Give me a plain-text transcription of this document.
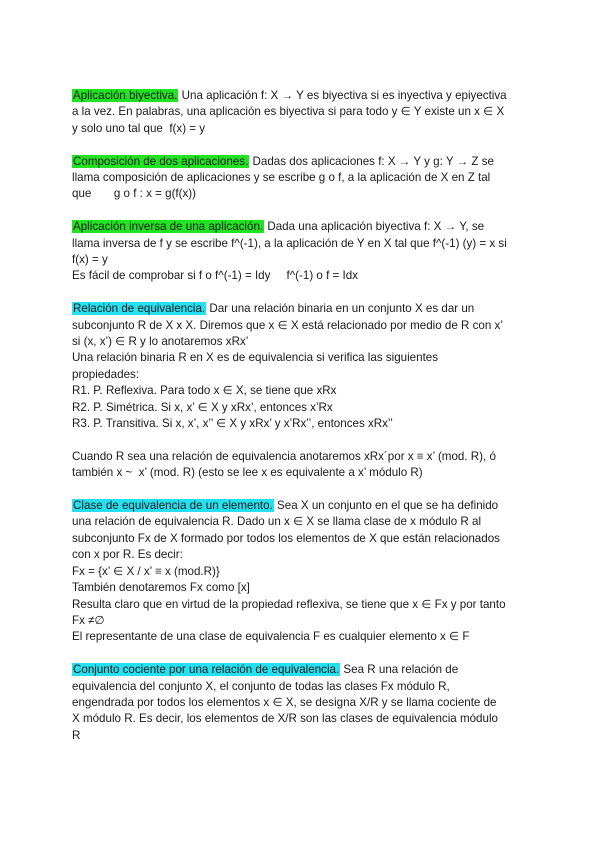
Aplicación biyectiva. Una aplicación f: X → Y es biyectiva si es inyectiva y epiyectiva
a la vez. En palabras, una aplicación es biyectiva si para todo y ∈ Y existe un x ∈ X
y solo uno tal que  f(x) = y
Composición de dos aplicaciones. Dadas dos aplicaciones f: X → Y y g: Y → Z se
llama composición de aplicaciones y se escribe g o f, a la aplicación de X en Z tal
que       g o f : x = g(f(x))
Aplicación inversa de una aplicación. Dada una aplicación biyectiva f: X → Y, se
llama inversa de f y se escribe f^(-1), a la aplicación de Y en X tal que f^(-1) (y) = x si
f(x) = y
Es fácil de comprobar si f o f^(-1) = Idy     f^(-1) o f = Idx
Relación de equivalencia. Dar una relación binaria en un conjunto X es dar un
subconjunto R de X x X. Diremos que x ∈ X está relacionado por medio de R con x’
si (x, x’) ∈ R y lo anotaremos xRx’
Una relación binaria R en X es de equivalencia si verifica las siguientes
propiedades:
R1. P. Reflexiva. Para todo x ∈ X, se tiene que xRx
R2. P. Simétrica. Si x, x’ ∈ X y xRx’, entonces x’Rx
R3. P. Transitiva. Si x, x’, x’’ ∈ X y xRx’ y x’Rx’’, entonces xRx’’
Cuando R sea una relación de equivalencia anotaremos xRx´por x ≡ x’ (mod. R), ó
también x ~  x’ (mod. R) (esto se lee x es equivalente a x’ módulo R)
Clase de equivalencia de un elemento. Sea X un conjunto en el que se ha definido
una relación de equivalencia R. Dado un x ∈ X se llama clase de x módulo R al
subconjunto Fx de X formado por todos los elementos de X que están relacionados
con x por R. Es decir:
Fx = {x’ ∈ X / x’ ≡ x (mod.R)}
También denotaremos Fx como [x]
Resulta claro que en virtud de la propiedad reflexiva, se tiene que x ∈ Fx y por tanto
Fx ≠∅
El representante de una clase de equivalencia F es cualquier elemento x ∈ F
Conjunto cociente por una relación de equivalencia. Sea R una relación de
equivalencia del conjunto X, el conjunto de todas las clases Fx módulo R,
engendrada por todos los elementos x ∈ X, se designa X/R y se llama cociente de
X módulo R. Es decir, los elementos de X/R son las clases de equivalencia módulo
R
